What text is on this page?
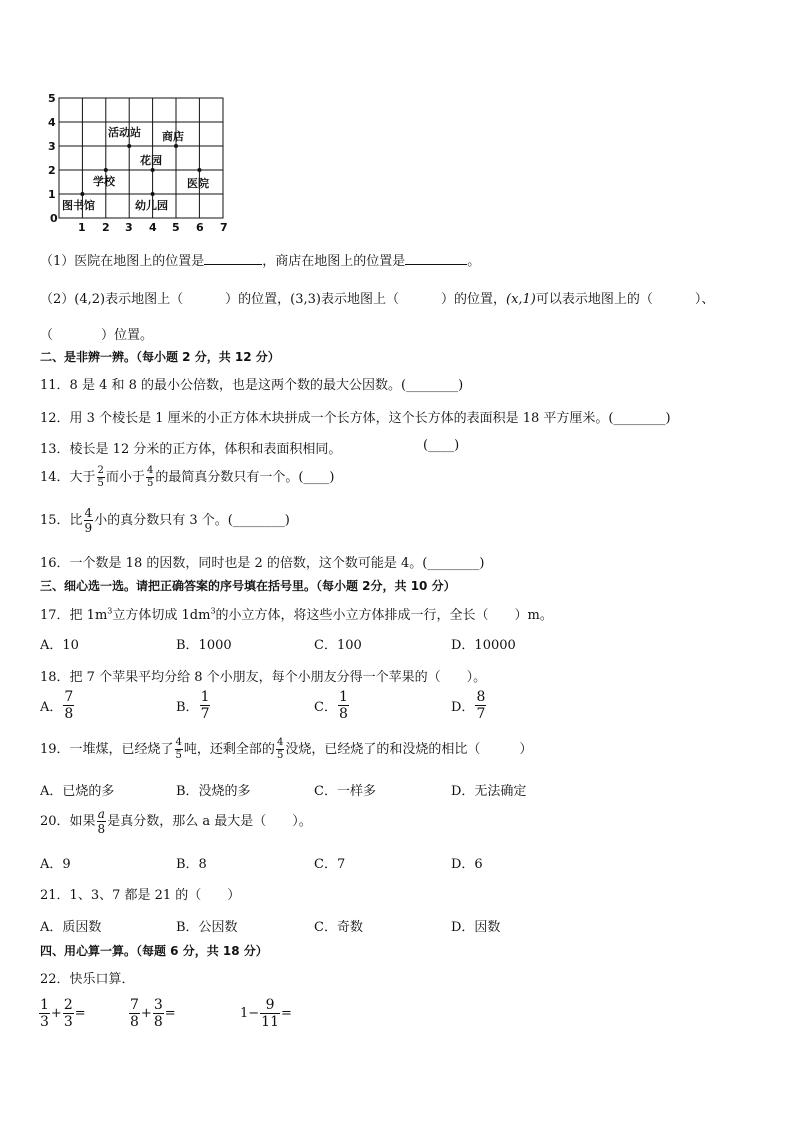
0
1 2 3 4 5 6 7
1
2
3
4
5
活动站 商店
花园
学校	医院
图书馆	幼儿园
（1）医院在地图上的位置是	，商店在地图上的位置是	。
（2）(4,2)表示地图上（	）的位置，(3,3)表示地图上（	）的位置，(x,1)可以表示地图上的（	）、
（	）位置。
二、是非辨一辨。（每小题 2 分，共 12 分）
11．8 是 4 和 8 的最小公倍数，也是这两个数的最大公因数。(________)
12．用 3 个棱长是 1 厘米的小正方体木块拼成一个长方体，这个长方体的表面积是 18 平方厘米。(________)
13．棱长是 12 分米的正方体，体积和表面积相同。	(____)
14．大于 $\frac{2}{5}$ 而小于 $\frac{4}{5}$ 的最简真分数只有一个。(____)
15．比 $\frac{4}{9}$ 小的真分数只有 3 个。(________)
16．一个数是 18 的因数，同时也是 2 的倍数，这个数可能是 4。(________)
三、细心选一选。请把正确答案的序号填在括号里。（每小题 2分，共 10 分）
17．把 $1m^3$立方体切成 $1dm^3$的小立方体，将这些小立方体排成一行，全长（ ）m。
A．10	B．1000	C．100	D．10000
18．把 7 个苹果平均分给 8 个小朋友，每个小朋友分得一个苹果的（　　）。
A． $\frac{7}{8}$	B． $\frac{1}{7}$	C． $\frac{1}{8}$	D． $\frac{8}{7}$
19．一堆煤，已经烧了 $\frac{4}{5}$ 吨，还剩全部的 $\frac{4}{5}$ 没烧，已经烧了的和没烧的相比（　　　）
A．已烧的多	B．没烧的多	C．一样多	D．无法确定
20．如果 $\frac{a}{8}$ 是真分数，那么 a 最大是（　　）。
A．9	B．8	C．7	D．6
21．1、3、7 都是 21 的（　　）
A．质因数	B．公因数	C．奇数	D．因数
四、用心算一算。（每题 6 分，共 18 分）
22．快乐口算．
$\frac{1}{3} + \frac{2}{3}$ =	$\frac{7}{8} + \frac{3}{8}$ =	$1- \frac{9}{11}$ =
